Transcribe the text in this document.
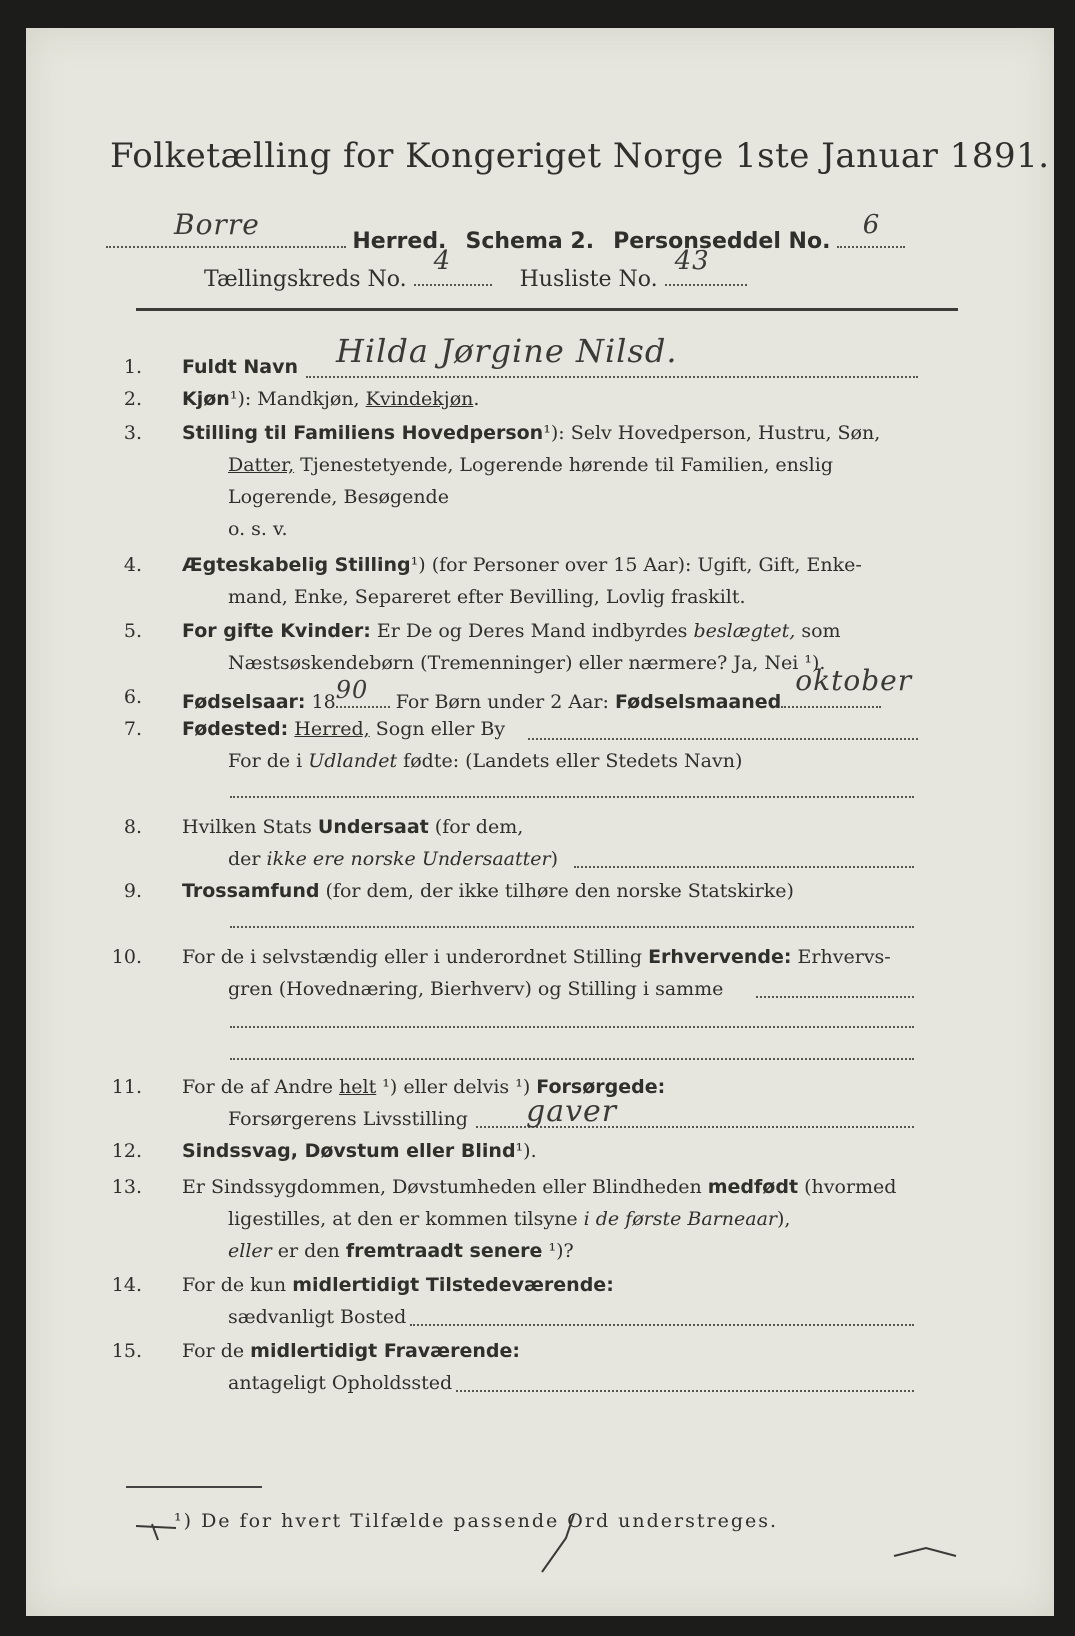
Folketælling for Kongeriget Norge 1ste Januar 1891.
Borre
Herred. Schema 2. Personseddel No.
6
Tællingskreds No.
4
Husliste No.
43
1. Fuldt Navn Hilda Jørgine Nilsd.
2. Kjøn¹): Mandkjøn, Kvindekjøn.
3. Stilling til Familiens Hovedperson¹): Selv Hovedperson, Hustru, Søn,
Datter, Tjenestetyende, Logerende hørende til Familien, enslig
Logerende, Besøgende
o. s. v.
4. Ægteskabelig Stilling¹) (for Personer over 15 Aar): Ugift, Gift, Enke-
mand, Enke, Separeret efter Bevilling, Lovlig fraskilt.
5. For gifte Kvinder: Er De og Deres Mand indbyrdes beslægtet, som
Næstsøskendebørn (Tremenninger) eller nærmere? Ja, Nei ¹).
6. Fødselsaar: 18 90 For Børn under 2 Aar: Fødselsmaaned
oktober
7. Fødested: Herred, Sogn eller By
For de i Udlandet fødte: (Landets eller Stedets Navn)
8. Hvilken Stats Undersaat (for dem,
der ikke ere norske Undersaatter)
9. Trossamfund (for dem, der ikke tilhøre den norske Statskirke)
10. For de i selvstændig eller i underordnet Stilling Erhvervende: Erhvervs-
gren (Hovednæring, Bierhverv) og Stilling i samme
11. For de af Andre helt ¹) eller delvis ¹) Forsørgede:
Forsørgerens Livsstilling gaver
12. Sindssvag, Døvstum eller Blind¹).
13. Er Sindssygdommen, Døvstumheden eller Blindheden medfødt (hvormed
ligestilles, at den er kommen tilsyne i de første Barneaar),
eller er den fremtraadt senere ¹)?
14. For de kun midlertidigt Tilstedeværende:
sædvanligt Bosted
15. For de midlertidigt Fraværende:
antageligt Opholdssted
¹) De for hvert Tilfælde passende Ord understreges.
